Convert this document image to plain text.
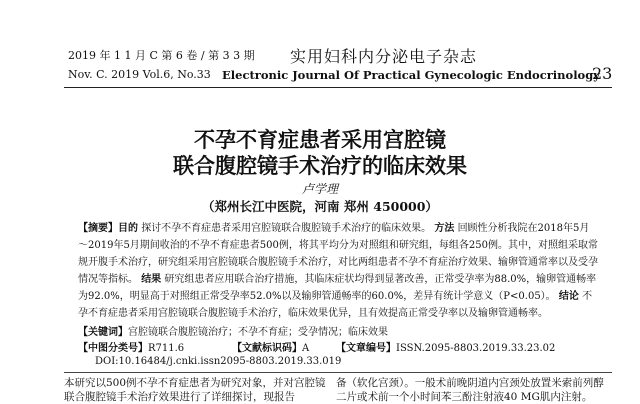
2019 年 1 1 月 C 第 6 卷 / 第 3 3 期 实用妇科内分泌电子杂志
Nov. C. 2019 Vol.6, No.33 Electronic Journal Of Practical Gynecologic Endocrinology
23
不孕不育症患者采用宫腔镜
联合腹腔镜手术治疗的临床效果
卢学理
（郑州长江中医院，河南 郑州 450000）
【摘要】目的 探讨不孕不育症患者采用宫腔镜联合腹腔镜手术治疗的临床效果。 方法 回顾性分析我院在2018年5月～2019年5月期间收治的不孕不育症患者500例，将其平均分为对照组和研究组，每组各250例。其中，对照组采取常规开腹手术治疗，研究组采用宫腔镜联合腹腔镜手术治疗，对比两组患者不孕不育症治疗效果、输卵管通常率以及受孕情况等指标。 结果 研究组患者应用联合治疗措施，其临床症状均得到显著改善，正常受孕率为88.0%，输卵管通畅率为92.0%，明显高于对照组正常受孕率52.0%以及输卵管通畅率的60.0%，差异有统计学意义（P<0.05）。 结论 不孕不育症患者采用宫腔镜联合腹腔镜手术治疗，临床效果优异，且有效提高正常受孕率以及输卵管通畅率。
【关键词】宫腔镜联合腹腔镜治疗；不孕不育症；受孕情况；临床效果
【中图分类号】R711.6	【文献标识码】A	【文章编号】ISSN.2095-8803.2019.33.23.02
DOI:10.16484/j.cnki.issn2095-8803.2019.33.019
本研究以500例不孕不育症患者为研究对象，并对宫腔镜联合腹腔镜手术治疗效果进行了详细探讨，现报告
备（软化宫颈）。一般术前晚阴道内宫颈处放置米索前列醇二片或术前一个小时间苯三酚注射液40 MG肌内注射。
